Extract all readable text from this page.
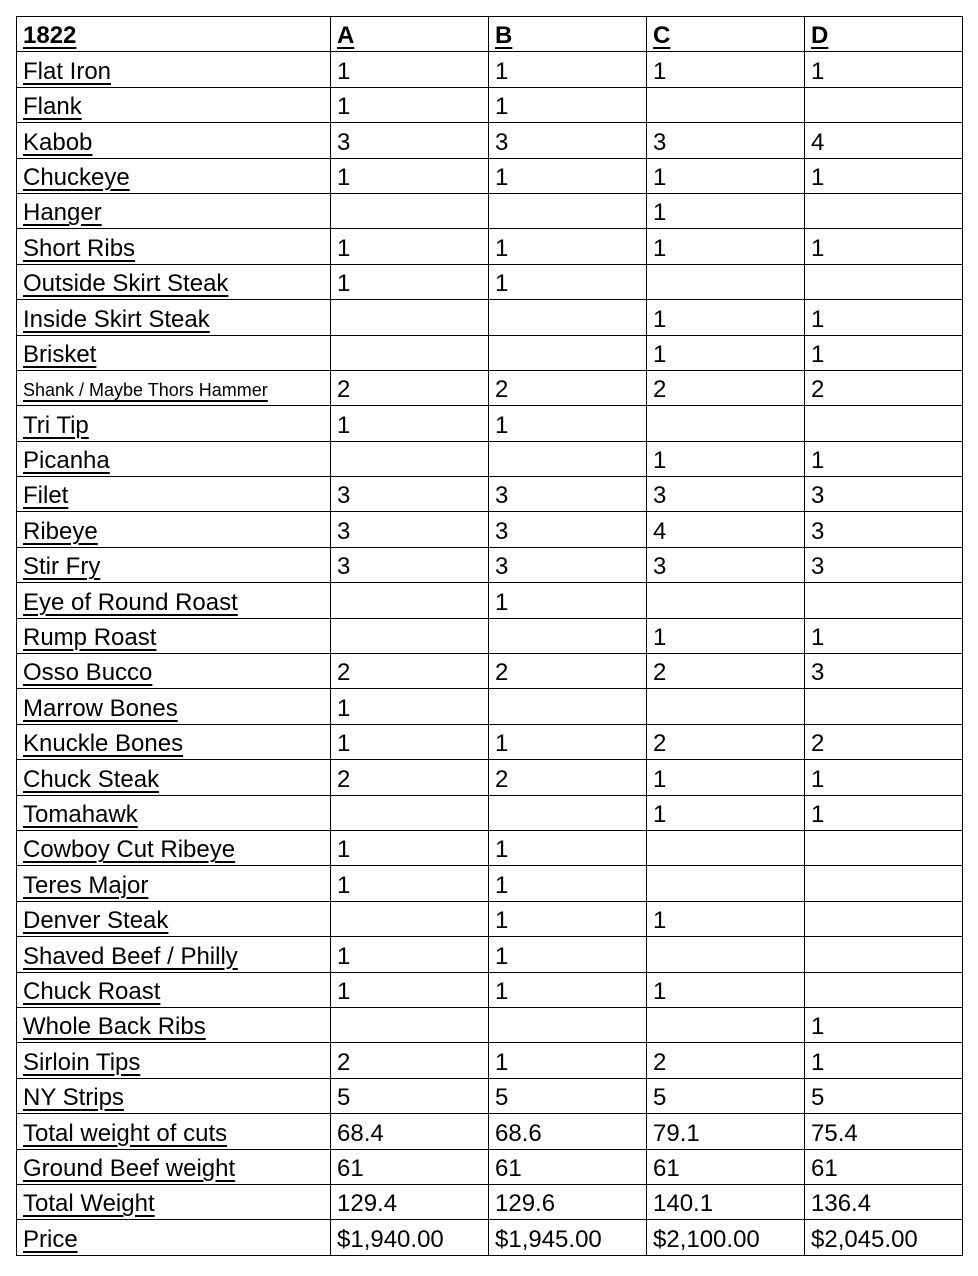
1822	A	B	C	D
Flat Iron	1	1	1	1
Flank	1	1		
Kabob	3	3	3	4
Chuckeye	1	1	1	1
Hanger			1	
Short Ribs	1	1	1	1
Outside Skirt Steak	1	1		
Inside Skirt Steak			1	1
Brisket			1	1
Shank / Maybe Thors Hammer	2	2	2	2
Tri Tip	1	1		
Picanha			1	1
Filet	3	3	3	3
Ribeye	3	3	4	3
Stir Fry	3	3	3	3
Eye of Round Roast		1		
Rump Roast			1	1
Osso Bucco	2	2	2	3
Marrow Bones	1			
Knuckle Bones	1	1	2	2
Chuck Steak	2	2	1	1
Tomahawk			1	1
Cowboy Cut Ribeye	1	1		
Teres Major	1	1		
Denver Steak		1	1	
Shaved Beef / Philly	1	1		
Chuck Roast	1	1	1	
Whole Back Ribs				1
Sirloin Tips	2	1	2	1
NY Strips	5	5	5	5
Total weight of cuts	68.4	68.6	79.1	75.4
Ground Beef weight	61	61	61	61
Total Weight	129.4	129.6	140.1	136.4
Price	$1,940.00	$1,945.00	$2,100.00	$2,045.00
